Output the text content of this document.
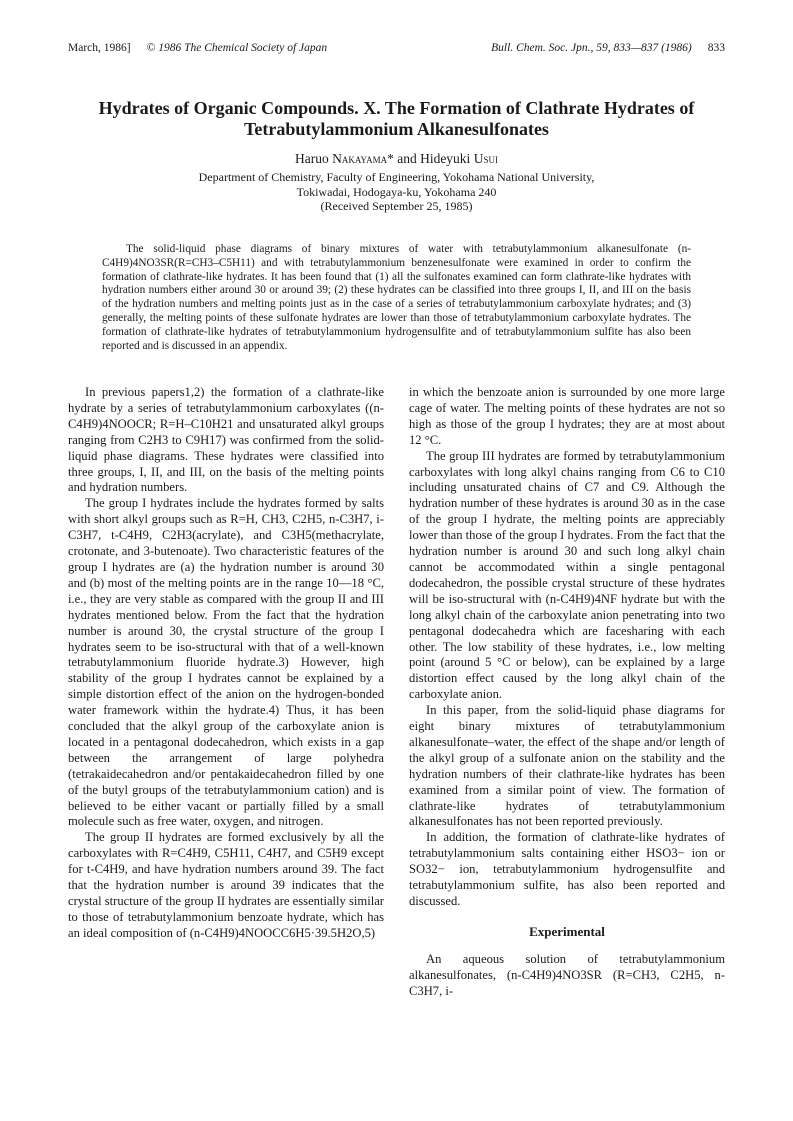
March, 1986] © 1986 The Chemical Society of Japan	Bull. Chem. Soc. Jpn., 59, 833—837 (1986) 833
Hydrates of Organic Compounds. X. The Formation of Clathrate Hydrates of
Tetrabutylammonium Alkanesulfonates
Haruo Nakayama* and Hideyuki Usui
Department of Chemistry, Faculty of Engineering, Yokohama National University,
Tokiwadai, Hodogaya-ku, Yokohama 240
(Received September 25, 1985)
The solid-liquid phase diagrams of binary mixtures of water with tetrabutylammonium alkanesulfonate (n-C4H9)4NO3SR(R=CH3–C5H11) and with tetrabutylammonium benzenesulfonate were examined in order to confirm the formation of clathrate-like hydrates. It has been found that (1) all the sulfonates examined can form clathrate-like hydrates with hydration numbers either around 30 or around 39; (2) these hydrates can be classified into three groups I, II, and III on the basis of the hydration numbers and melting points just as in the case of a series of tetrabutylammonium carboxylate hydrates; and (3) generally, the melting points of these sulfonate hydrates are lower than those of tetrabutylammonium carboxylate hydrates. The formation of clathrate-like hydrates of tetrabutylammonium hydrogensulfite and of tetrabutylammonium sulfite has also been reported and is discussed in an appendix.

In previous papers1,2) the formation of a clathrate-like hydrate by a series of tetrabutylammonium carboxylates ((n-C4H9)4NOOCR; R=H–C10H21 and unsaturated alkyl groups ranging from C2H3 to C9H17) was confirmed from the solid-liquid phase diagrams. These hydrates were classified into three groups, I, II, and III, on the basis of the melting points and hydration numbers.

The group I hydrates include the hydrates formed by salts with short alkyl groups such as R=H, CH3, C2H5, n-C3H7, i-C3H7, t-C4H9, C2H3(acrylate), and C3H5(methacrylate, crotonate, and 3-butenoate). Two characteristic features of the group I hydrates are (a) the hydration number is around 30 and (b) most of the melting points are in the range 10—18 °C, i.e., they are very stable as compared with the group II and III hydrates mentioned below. From the fact that the hydration number is around 30, the crystal structure of the group I hydrates seem to be iso-structural with that of a well-known tetrabutylammonium fluoride hydrate.3) However, high stability of the group I hydrates cannot be explained by a simple distortion effect of the anion on the hydrogen-bonded water framework within the hydrate.4) Thus, it has been concluded that the alkyl group of the carboxylate anion is located in a pentagonal dodecahedron, which exists in a gap between the arrangement of large polyhedra (tetrakaidecahedron and/or pentakaidecahedron filled by one of the butyl groups of the tetrabutylammonium cation) and is believed to be either vacant or partially filled by a small molecule such as free water, oxygen, and nitrogen.

The group II hydrates are formed exclusively by all the carboxylates with R=C4H9, C5H11, C4H7, and C5H9 except for t-C4H9, and have hydration numbers around 39. The fact that the hydration number is around 39 indicates that the crystal structure of the group II hydrates are essentially similar to those of tetrabutylammonium benzoate hydrate, which has an ideal composition of (n-C4H9)4NOOCC6H5·39.5H2O,5)

in which the benzoate anion is surrounded by one more large cage of water. The melting points of these hydrates are not so high as those of the group I hydrates; they are at most about 12 °C.

The group III hydrates are formed by tetrabutylammonium carboxylates with long alkyl chains ranging from C6 to C10 including unsaturated chains of C7 and C9. Although the hydration number of these hydrates is around 30 as in the case of the group I hydrate, the melting points are appreciably lower than those of the group I hydrates. From the fact that the hydration number is around 30 and such long alkyl chain cannot be accommodated within a single pentagonal dodecahedron, the possible crystal structure of these hydrates will be iso-structural with (n-C4H9)4NF hydrate but with the long alkyl chain of the carboxylate anion penetrating into two pentagonal dodecahedra which are facesharing with each other. The low stability of these hydrates, i.e., low melting point (around 5 °C or below), can be explained by a large distortion effect caused by the long alkyl chain of the carboxylate anion.

In this paper, from the solid-liquid phase diagrams for eight binary mixtures of tetrabutylammonium alkanesulfonate–water, the effect of the shape and/or length of the alkyl group of a sulfonate anion on the stability and the hydration numbers of their clathrate-like hydrates has been examined from a similar point of view. The formation of clathrate-like hydrates of tetrabutylammonium alkanesulfonates has not been reported previously.

In addition, the formation of clathrate-like hydrates of tetrabutylammonium salts containing either HSO3− ion or SO32− ion, tetrabutylammonium hydrogensulfite and tetrabutylammonium sulfite, has also been reported and discussed.

Experimental

An aqueous solution of tetrabutylammonium alkanesulfonates, (n-C4H9)4NO3SR (R=CH3, C2H5, n-C3H7, i-
